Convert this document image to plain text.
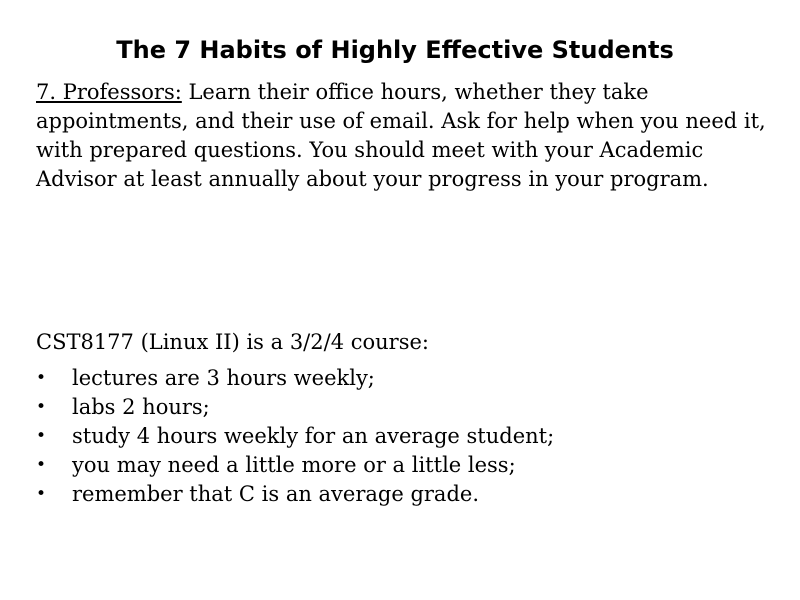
The 7 Habits of Highly Effective Students
7. Professors: Learn their office hours, whether they take appointments, and their use of email. Ask for help when you need it, with prepared questions. You should meet with your Academic Advisor at least annually about your progress in your program.
CST8177 (Linux II) is a 3/2/4 course:
• lectures are 3 hours weekly;
• labs 2 hours;
• study 4 hours weekly for an average student;
• you may need a little more or a little less;
• remember that C is an average grade.
